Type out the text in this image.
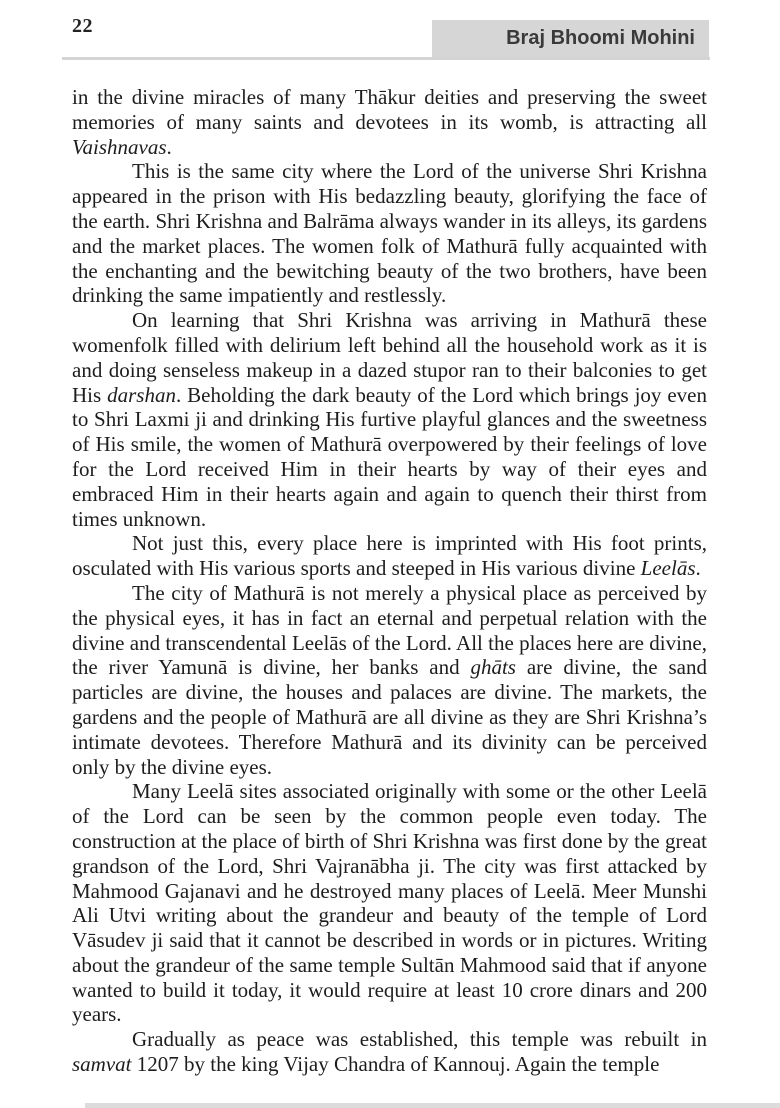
22
Braj Bhoomi Mohini

in the divine miracles of many Thākur deities and preserving the sweet memories of many saints and devotees in its womb, is attracting all Vaishnavas.

This is the same city where the Lord of the universe Shri Krishna appeared in the prison with His bedazzling beauty, glorifying the face of the earth. Shri Krishna and Balrāma always wander in its alleys, its gardens and the market places. The women folk of Mathurā fully acquainted with the enchanting and the bewitching beauty of the two brothers, have been drinking the same impatiently and restlessly.

On learning that Shri Krishna was arriving in Mathurā these womenfolk filled with delirium left behind all the household work as it is and doing senseless makeup in a dazed stupor ran to their balconies to get His darshan. Beholding the dark beauty of the Lord which brings joy even to Shri Laxmi ji and drinking His furtive playful glances and the sweetness of His smile, the women of Mathurā overpowered by their feelings of love for the Lord received Him in their hearts by way of their eyes and embraced Him in their hearts again and again to quench their thirst from times unknown.

Not just this, every place here is imprinted with His foot prints, osculated with His various sports and steeped in His various divine Leelās.

The city of Mathurā is not merely a physical place as perceived by the physical eyes, it has in fact an eternal and perpetual relation with the divine and transcendental Leelās of the Lord. All the places here are divine, the river Yamunā is divine, her banks and ghāts are divine, the sand particles are divine, the houses and palaces are divine. The markets, the gardens and the people of Mathurā are all divine as they are Shri Krishna’s intimate devotees. Therefore Mathurā and its divinity can be perceived only by the divine eyes.

Many Leelā sites associated originally with some or the other Leelā of the Lord can be seen by the common people even today. The construction at the place of birth of Shri Krishna was first done by the great grandson of the Lord, Shri Vajranābha ji. The city was first attacked by Mahmood Gajanavi and he destroyed many places of Leelā. Meer Munshi Ali Utvi writing about the grandeur and beauty of the temple of Lord Vāsudev ji said that it cannot be described in words or in pictures. Writing about the grandeur of the same temple Sultān Mahmood said that if anyone wanted to build it today, it would require at least 10 crore dinars and 200 years.

Gradually as peace was established, this temple was rebuilt in samvat 1207 by the king Vijay Chandra of Kannouj. Again the temple
